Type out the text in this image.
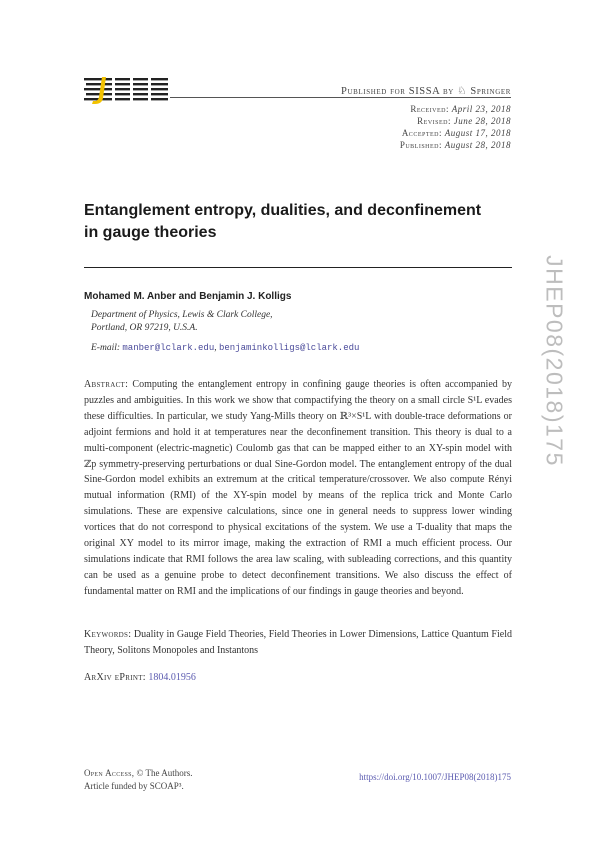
Published for SISSA by ♘ Springer
Received: April 23, 2018
Revised: June 28, 2018
Accepted: August 17, 2018
Published: August 28, 2018
JHEP08(2018)175
Entanglement entropy, dualities, and deconfinement
in gauge theories
Mohamed M. Anber and Benjamin J. Kolligs
Department of Physics, Lewis & Clark College,
Portland, OR 97219, U.S.A.
E-mail: manber@lclark.edu, benjaminkolligs@lclark.edu
Abstract: Computing the entanglement entropy in confining gauge theories is often accompanied by puzzles and ambiguities. In this work we show that compactifying the theory on a small circle S¹L evades these difficulties. In particular, we study Yang-Mills theory on ℝ³×S¹L with double-trace deformations or adjoint fermions and hold it at temperatures near the deconfinement transition. This theory is dual to a multi-component (electric-magnetic) Coulomb gas that can be mapped either to an XY-spin model with ℤp symmetry-preserving perturbations or dual Sine-Gordon model. The entanglement entropy of the dual Sine-Gordon model exhibits an extremum at the critical temperature/crossover. We also compute Rényi mutual information (RMI) of the XY-spin model by means of the replica trick and Monte Carlo simulations. These are expensive calculations, since one in general needs to suppress lower winding vortices that do not correspond to physical excitations of the system. We use a T-duality that maps the original XY model to its mirror image, making the extraction of RMI a much efficient process. Our simulations indicate that RMI follows the area law scaling, with subleading corrections, and this quantity can be used as a genuine probe to detect deconfinement transitions. We also discuss the effect of fundamental matter on RMI and the implications of our findings in gauge theories and beyond.
Keywords: Duality in Gauge Field Theories, Field Theories in Lower Dimensions, Lattice Quantum Field Theory, Solitons Monopoles and Instantons
ArXiv ePrint: 1804.01956
Open Access, © The Authors.
Article funded by SCOAP³.
https://doi.org/10.1007/JHEP08(2018)175
